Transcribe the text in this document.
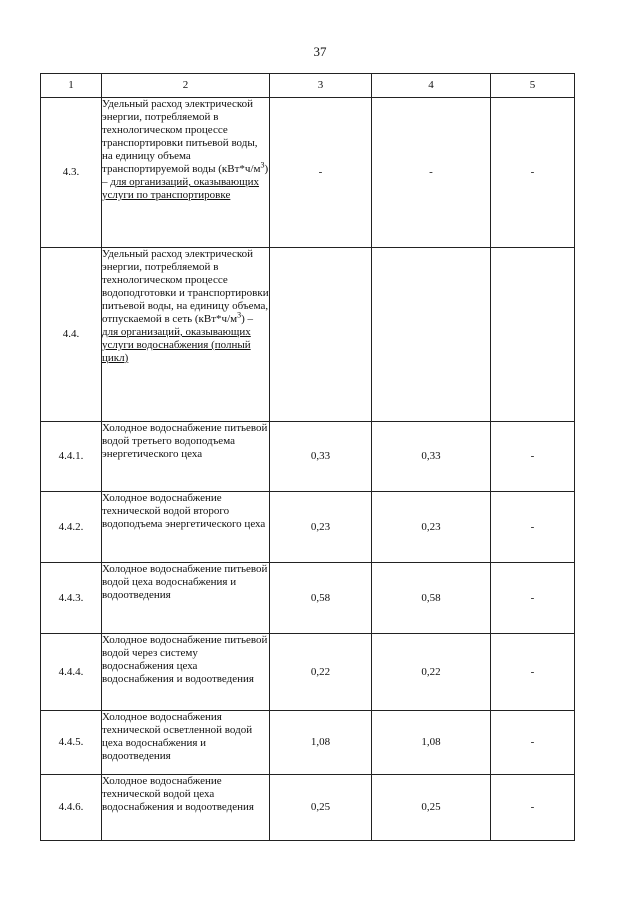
37
1	2	3	4	5
4.3.	Удельный расход электрической энергии, потребляемой в технологическом процессе транспортировки питьевой воды, на единицу объема транспортируемой воды $(кВт*ч/м^3)$ – для организаций, оказывающих услуги по транспортировке	-	-	-
4.4.	Удельный расход электрической энергии, потребляемой в технологическом процессе водоподготовки и транспортировки питьевой воды, на единицу объема, отпускаемой в сеть $(кВт*ч/м^3)$ – для организаций, оказывающих услуги водоснабжения (полный цикл)			
4.4.1.	Холодное водоснабжение питьевой водой третьего водоподъема энергетического цеха	0,33	0,33	-
4.4.2.	Холодное водоснабжение технической водой второго водоподъема энергетического цеха	0,23	0,23	-
4.4.3.	Холодное водоснабжение питьевой водой цеха водоснабжения и водоотведения	0,58	0,58	-
4.4.4.	Холодное водоснабжение питьевой водой через систему водоснабжения цеха водоснабжения и водоотведения	0,22	0,22	-
4.4.5.	Холодное водоснабжения технической осветленной водой цеха водоснабжения и водоотведения	1,08	1,08	-
4.4.6.	Холодное водоснабжение технической водой цеха водоснабжения и водоотведения	0,25	0,25	-
